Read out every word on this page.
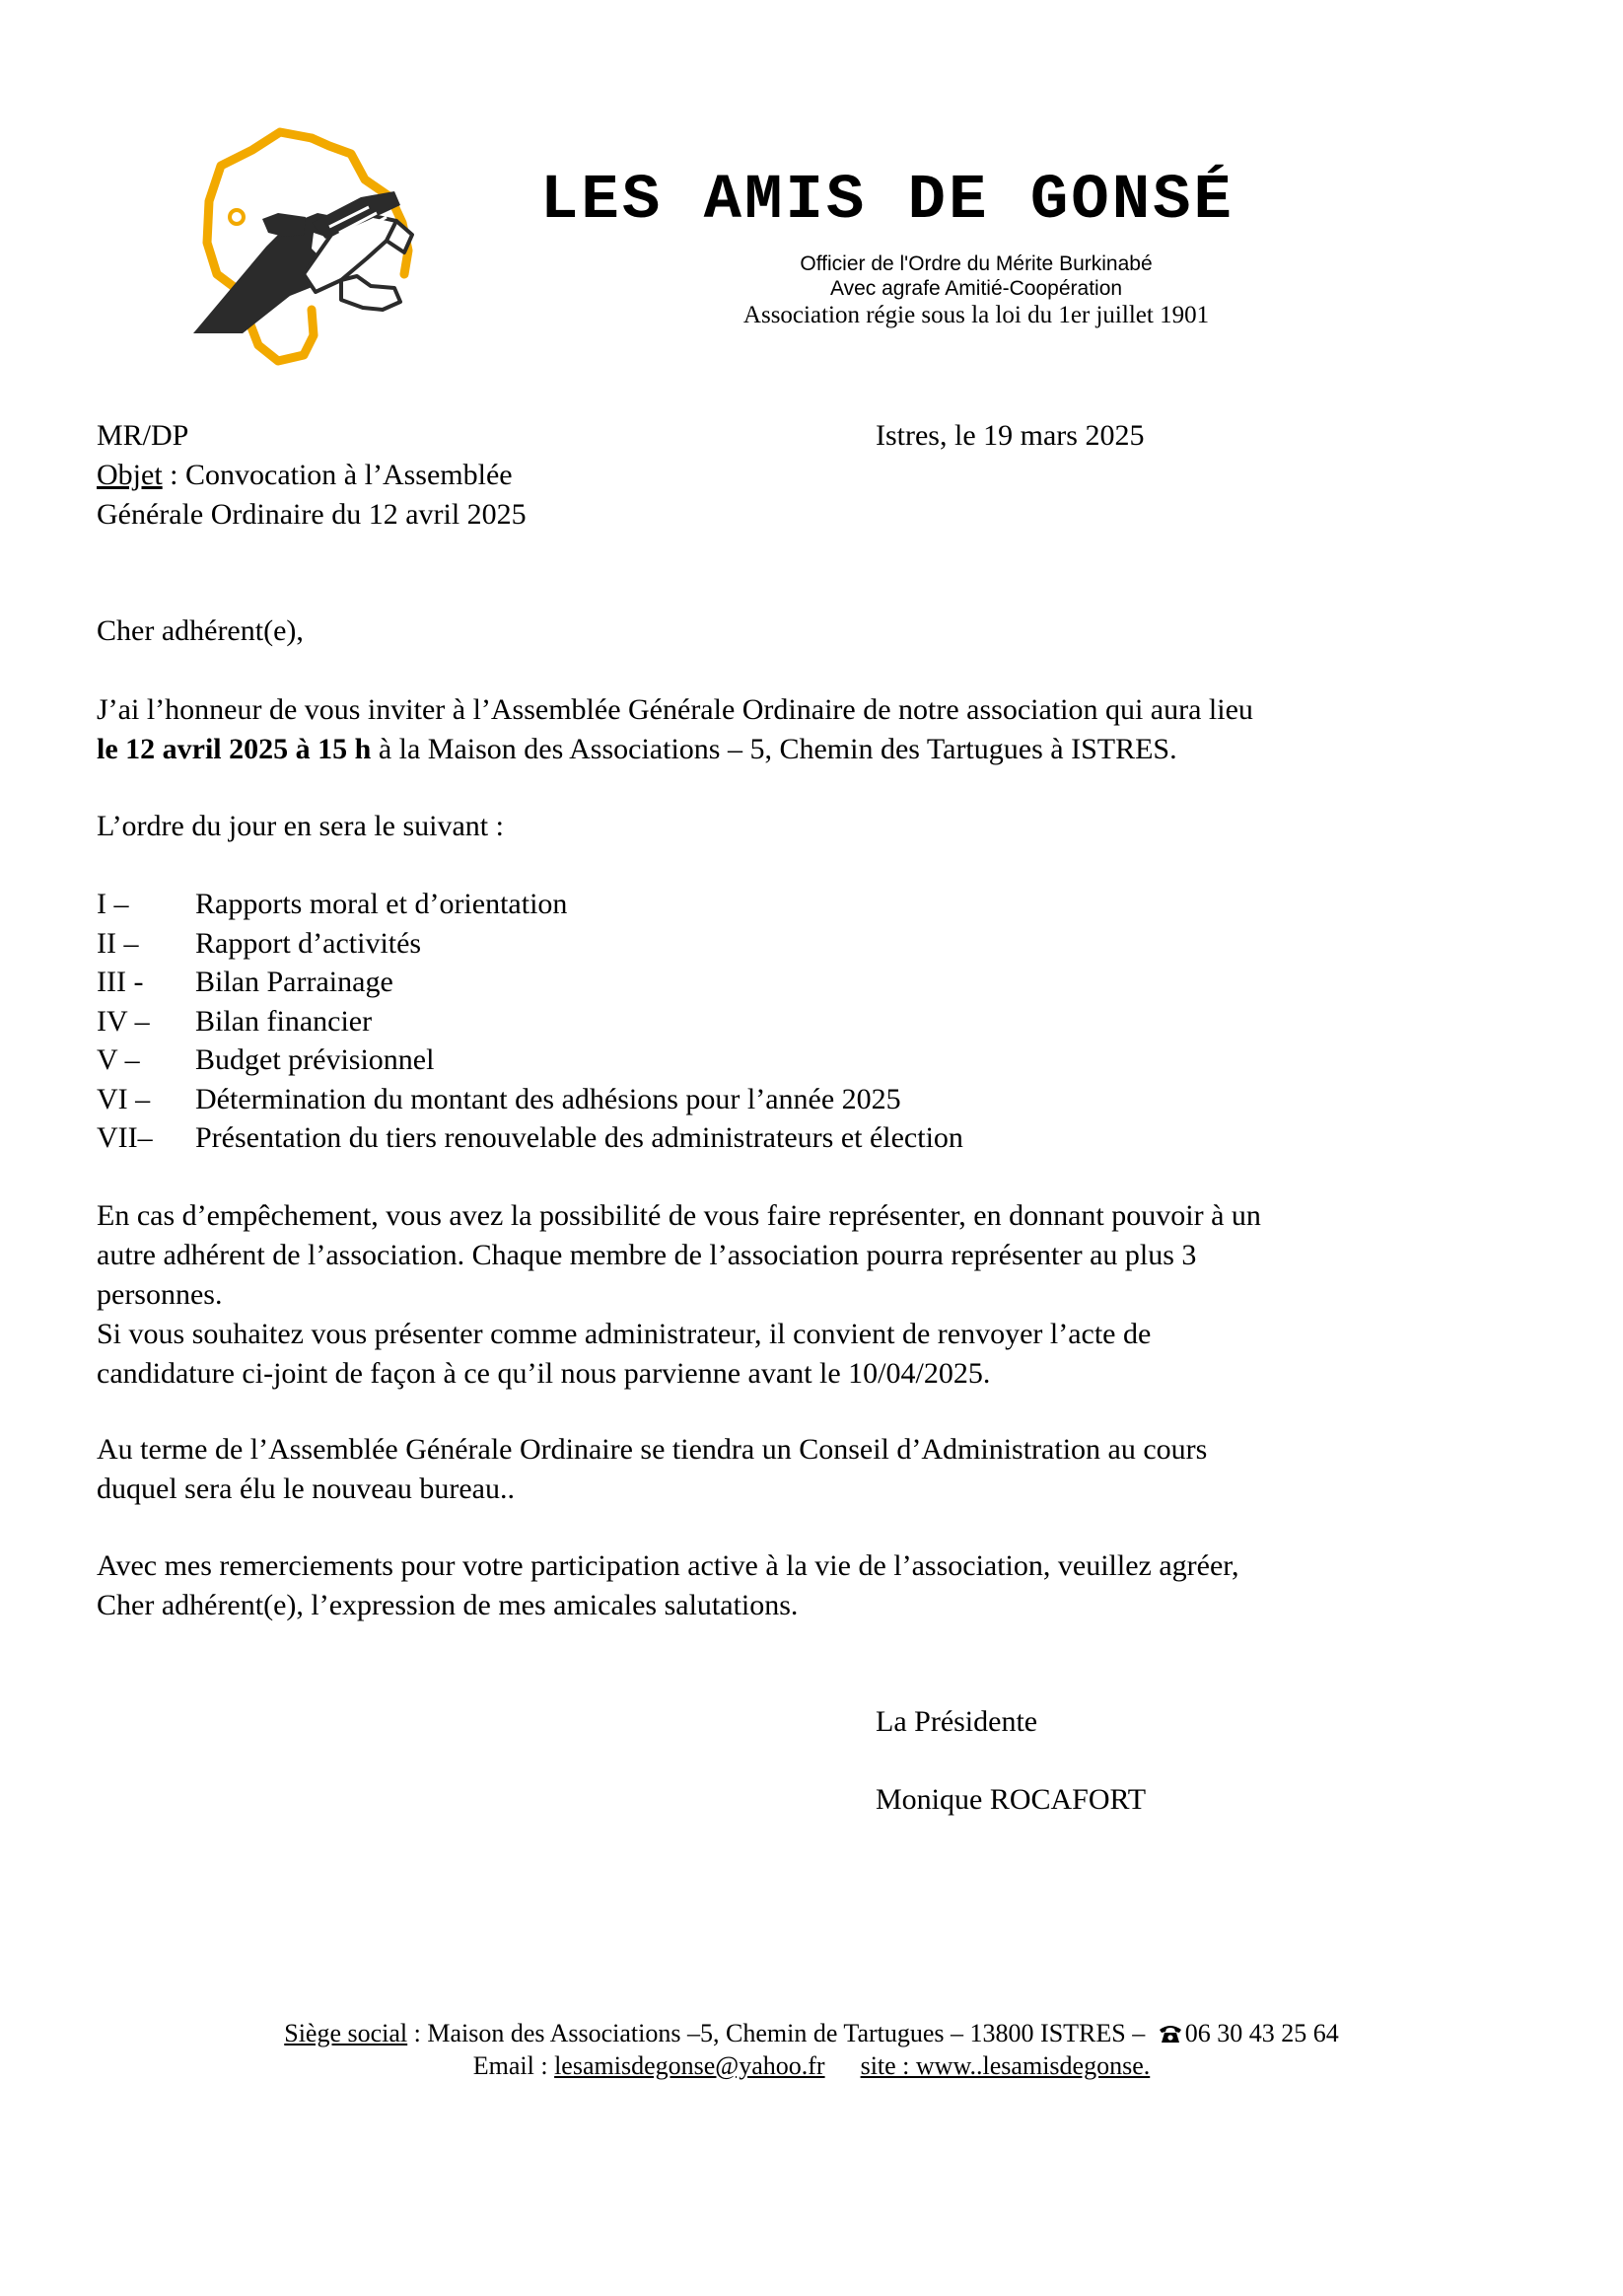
LES AMIS DE GONSÉ
Officier de l'Ordre du Mérite Burkinabé
Avec agrafe Amitié-Coopération
Association régie sous la loi du 1er juillet 1901
MR/DP	Istres, le 19 mars 2025
Objet : Convocation à l’Assemblée
Générale Ordinaire du 12 avril 2025
Cher adhérent(e),
J’ai l’honneur de vous inviter à l’Assemblée Générale Ordinaire de notre association qui aura lieu
le 12 avril 2025 à 15 h à la Maison des Associations – 5, Chemin des Tartugues à ISTRES.
L’ordre du jour en sera le suivant :
I –	Rapports moral et d’orientation
II –	Rapport d’activités
III -	Bilan Parrainage
IV –	Bilan financier
V –	Budget prévisionnel
VI –	Détermination du montant des adhésions pour l’année 2025
VII–	Présentation du tiers renouvelable des administrateurs et élection
En cas d’empêchement, vous avez la possibilité de vous faire représenter, en donnant pouvoir à un
autre adhérent de l’association. Chaque membre de l’association pourra représenter au plus 3
personnes.
Si vous souhaitez vous présenter comme administrateur, il convient de renvoyer l’acte de
candidature ci-joint de façon à ce qu’il nous parvienne avant le 10/04/2025.
Au terme de l’Assemblée Générale Ordinaire se tiendra un Conseil d’Administration au cours
duquel sera élu le nouveau bureau..
Avec mes remerciements pour votre participation active à la vie de l’association, veuillez agréer,
Cher adhérent(e), l’expression de mes amicales salutations.
La Présidente
Monique ROCAFORT
Siège social : Maison des Associations –5, Chemin de Tartugues – 13800 ISTRES – 06 30 43 25 64
Email : lesamisdegonse@yahoo.fr site : www..lesamisdegonse.
